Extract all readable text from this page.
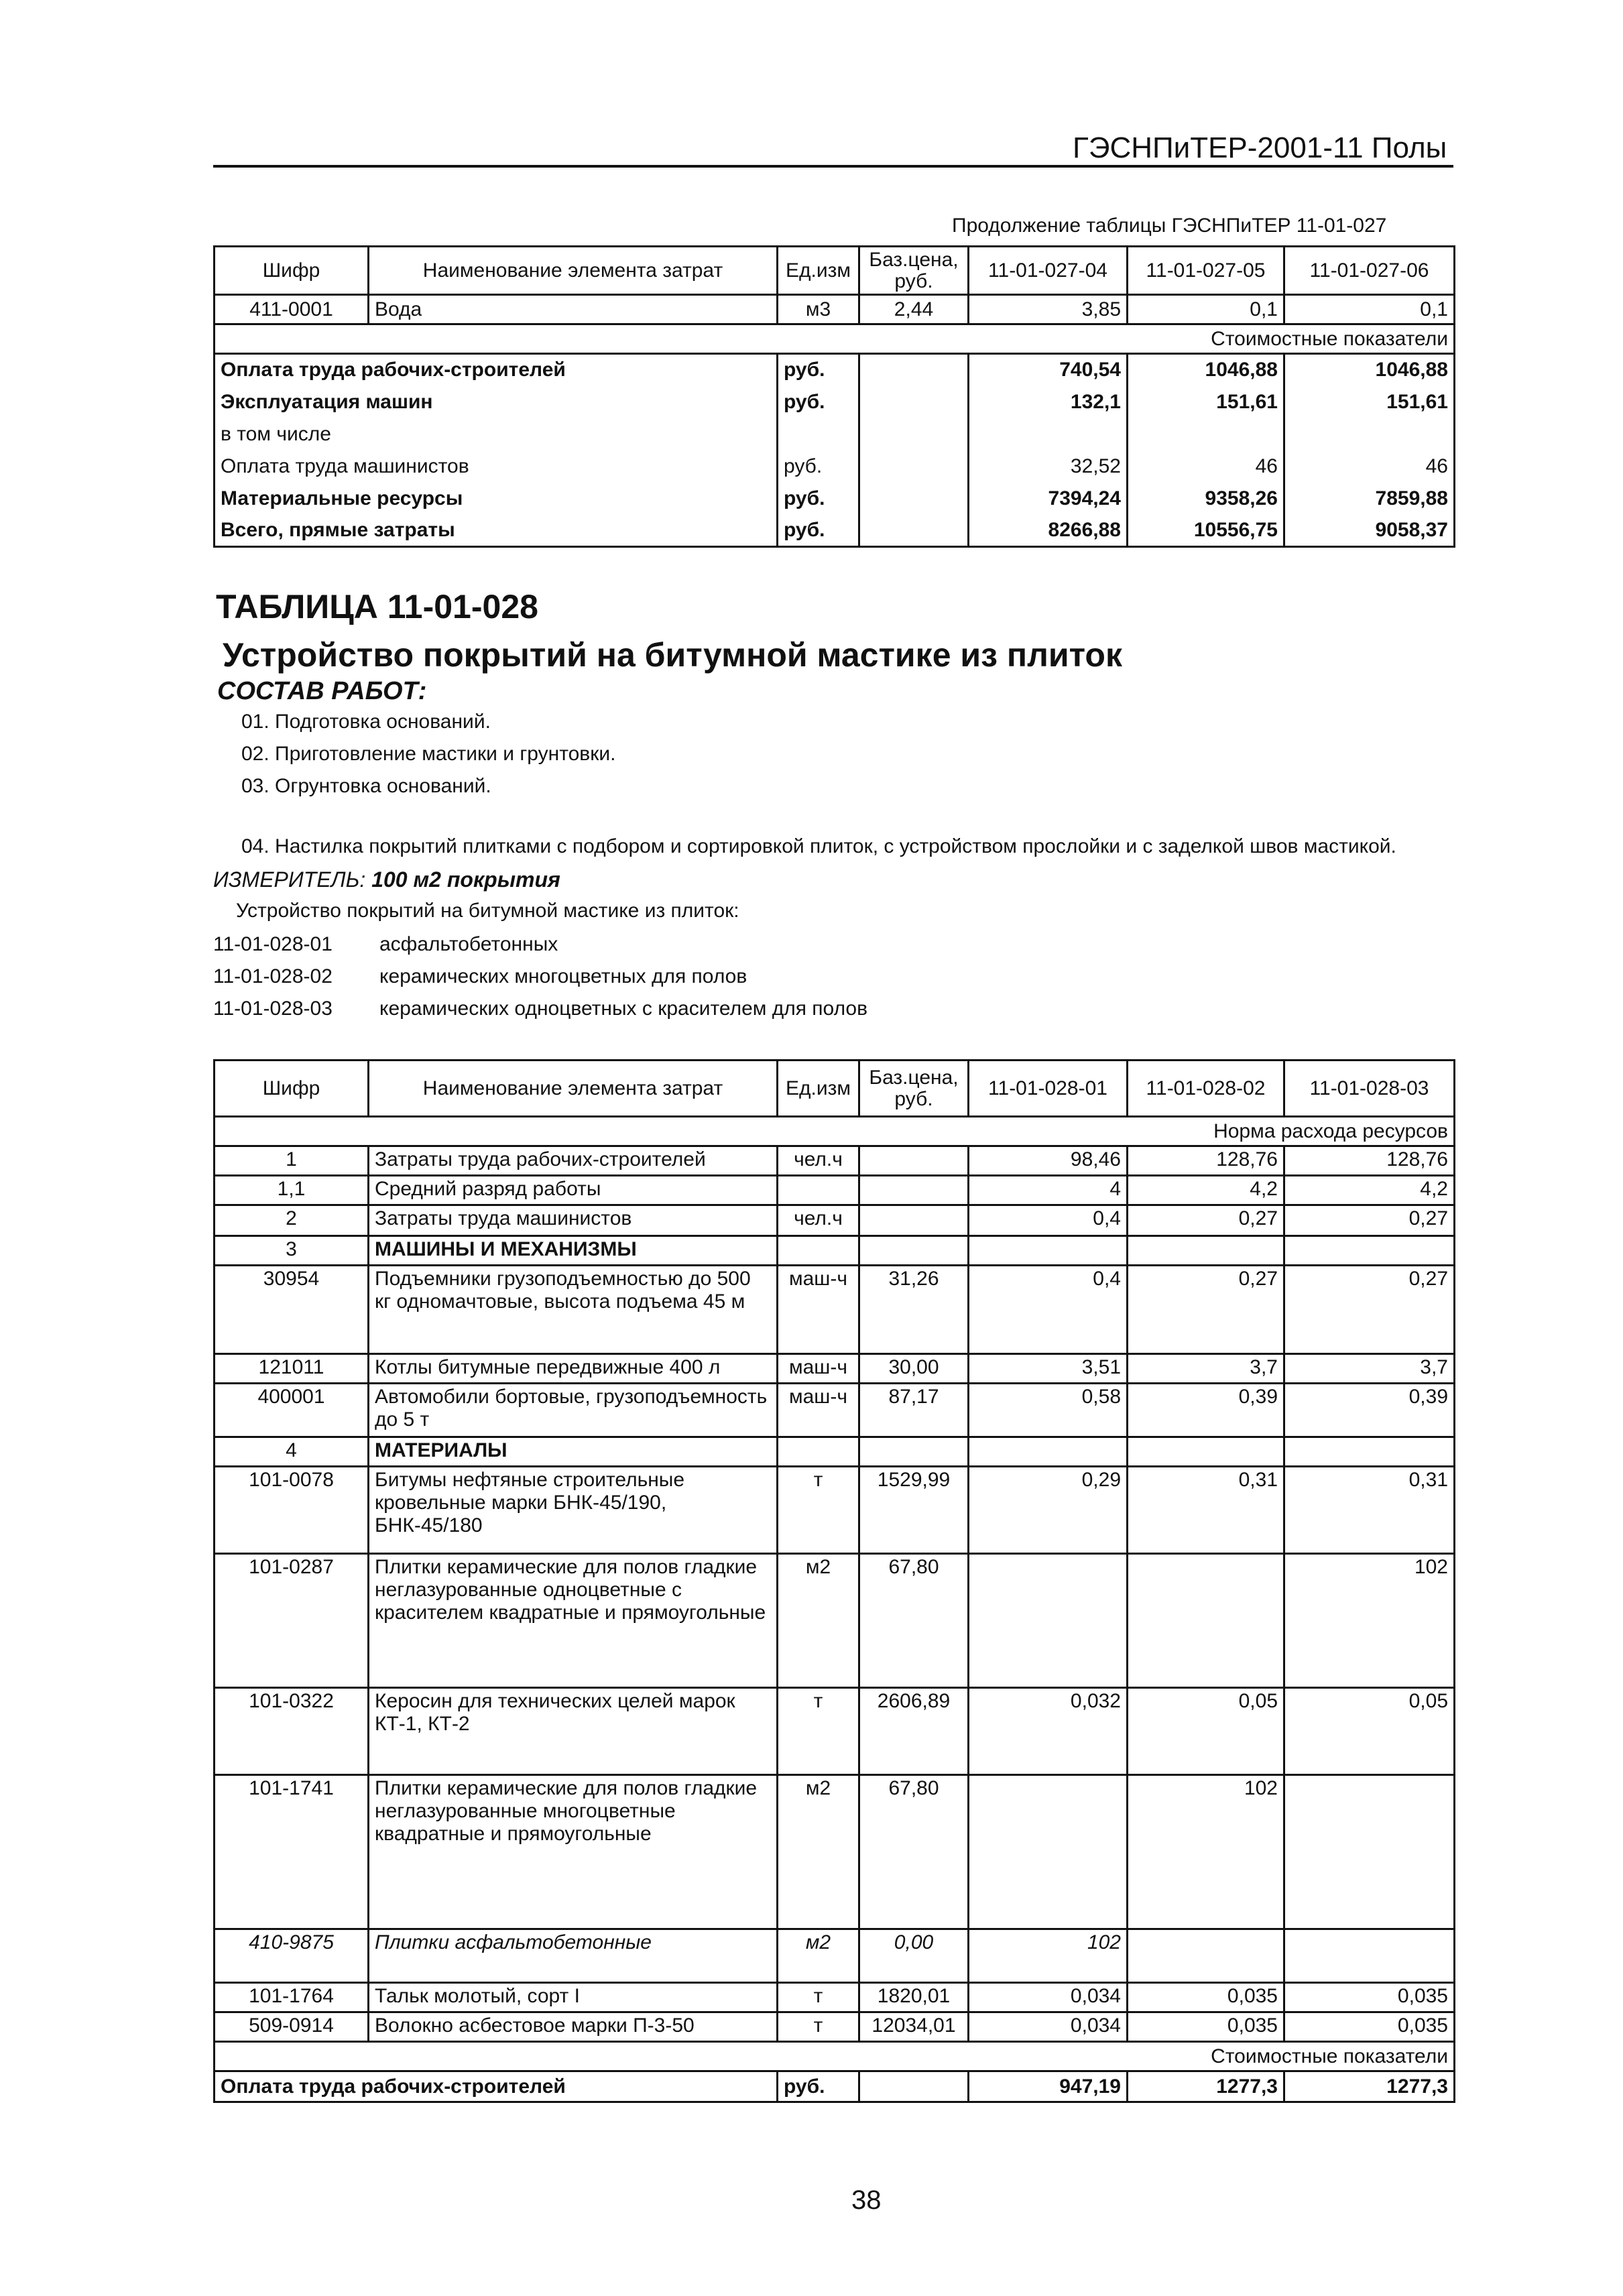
ГЭСНПиТЕР-2001-11 Полы
Продолжение таблицы ГЭСНПиТЕР 11-01-027
Шифр	Наименование элемента затрат	Ед.изм	Баз.цена, руб.	11-01-027-04	11-01-027-05	11-01-027-06
411-0001	Вода	м3	2,44	3,85	0,1	0,1
Стоимостные показатели						
Оплата труда рабочих-строителей		руб.		740,54	1046,88	1046,88
Эксплуатация машин		руб.		132,1	151,61	151,61
в том числе						
Оплата труда машинистов		руб.		32,52	46	46
Материальные ресурсы		руб.		7394,24	9358,26	7859,88
Всего, прямые затраты		руб.		8266,88	10556,75	9058,37
ТАБЛИЦА 11-01-028
Устройство покрытий на битумной мастике из плиток
СОСТАВ РАБОТ:
01. Подготовка оснований.
02. Приготовление мастики и грунтовки.
03. Огрунтовка оснований.
04. Настилка покрытий плитками с подбором и сортировкой плиток, с устройством прослойки и с заделкой швов мастикой.
ИЗМЕРИТЕЛЬ: 100 м2 покрытия
Устройство покрытий на битумной мастике из плиток:
11-01-028-01 асфальтобетонных
11-01-028-02 керамических многоцветных для полов
11-01-028-03 керамических одноцветных с красителем для полов
Шифр	Наименование элемента затрат	Ед.изм	Баз.цена, руб.	11-01-028-01	11-01-028-02	11-01-028-03
Норма расхода ресурсов						
1	Затраты труда рабочих-строителей	чел.ч		98,46	128,76	128,76
1,1	Средний разряд работы			4	4,2	4,2
2	Затраты труда машинистов	чел.ч		0,4	0,27	0,27
3	МАШИНЫ И МЕХАНИЗМЫ					
30954	Подъемники грузоподъемностью до 500 кг одномачтовые, высота подъема 45 м	маш-ч	31,26	0,4	0,27	0,27
121011	Котлы битумные передвижные 400 л	маш-ч	30,00	3,51	3,7	3,7
400001	Автомобили бортовые, грузоподъемность до 5 т	маш-ч	87,17	0,58	0,39	0,39
4	МАТЕРИАЛЫ					
101-0078	Битумы нефтяные строительные кровельные марки БНК-45/190, БНК-45/180	т	1529,99	0,29	0,31	0,31
101-0287	Плитки керамические для полов гладкие неглазурованные одноцветные с красителем квадратные и прямоугольные	м2	67,80			102
101-0322	Керосин для технических целей марок КТ-1, КТ-2	т	2606,89	0,032	0,05	0,05
101-1741	Плитки керамические для полов гладкие неглазурованные многоцветные квадратные и прямоугольные	м2	67,80		102	
410-9875	Плитки асфальтобетонные	м2	0,00	102		
101-1764	Тальк молотый, сорт I	т	1820,01	0,034	0,035	0,035
509-0914	Волокно асбестовое марки П-3-50	т	12034,01	0,034	0,035	0,035
Стоимостные показатели						
Оплата труда рабочих-строителей		руб.		947,19	1277,3	1277,3
38
